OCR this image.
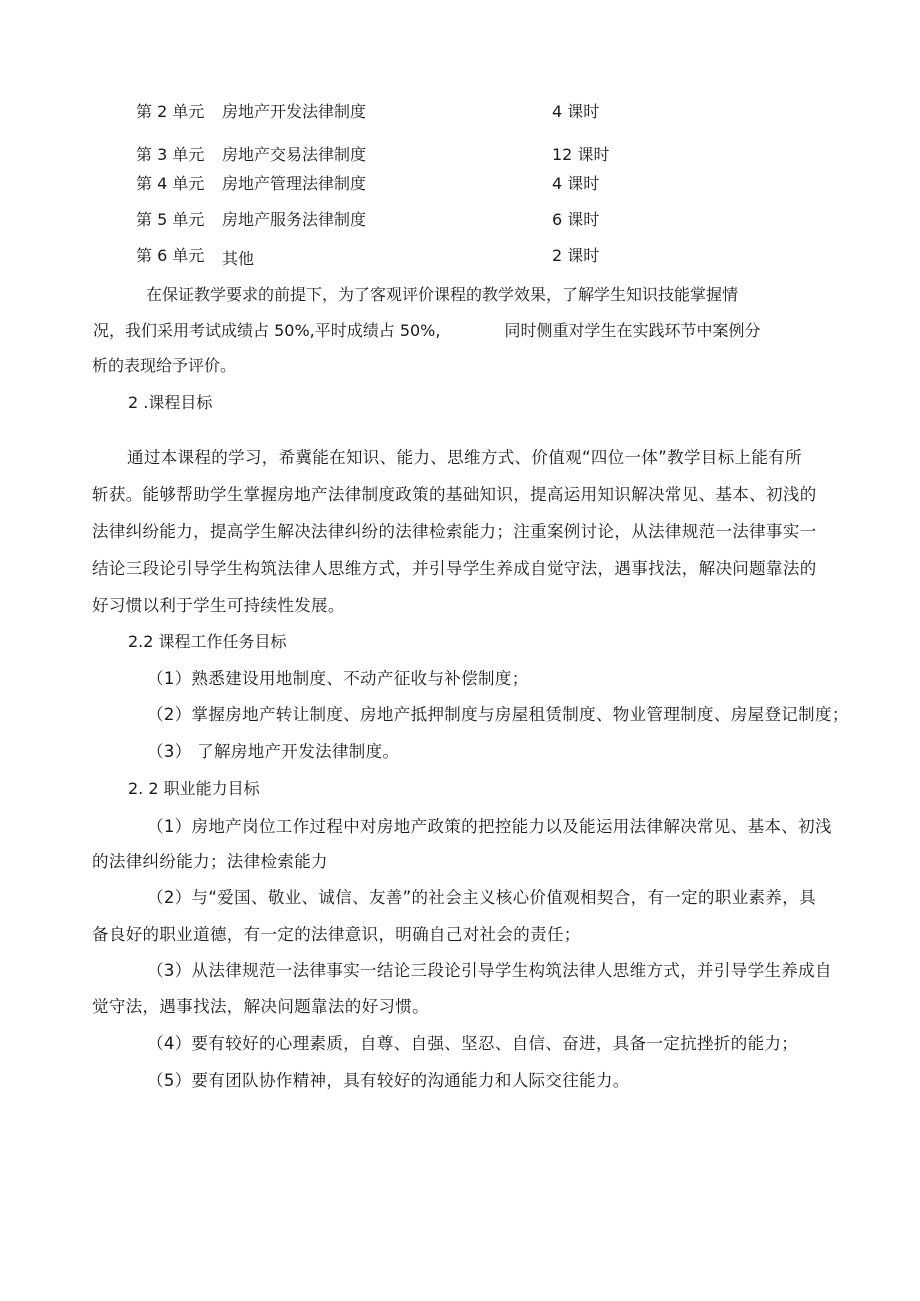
第 2 单元 房地产开发法律制度	4 课时
第 3 单元 房地产交易法律制度	12 课时
第 4 单元 房地产管理法律制度	4 课时
第 5 单元 房地产服务法律制度	6 课时
第 6 单元 其他	2 课时
在保证教学要求的前提下，为了客观评价课程的教学效果，了解学生知识技能掌握情
况，我们采用考试成绩占 50%,平时成绩占 50%,	同时侧重对学生在实践环节中案例分
析的表现给予评价。
2 .课程目标
通过本课程的学习，希冀能在知识、能力、思维方式、价值观“四位一体”教学目标上能有所
斩获。能够帮助学生掌握房地产法律制度政策的基础知识，提高运用知识解决常见、基本、初浅的
法律纠纷能力，提高学生解决法律纠纷的法律检索能力；注重案例讨论，从法律规范一法律事实一
结论三段论引导学生构筑法律人思维方式，并引导学生养成自觉守法，遇事找法，解决问题靠法的
好习惯以利于学生可持续性发展。
2.2 课程工作任务目标
（1）熟悉建设用地制度、不动产征收与补偿制度；
（2）掌握房地产转让制度、房地产抵押制度与房屋租赁制度、物业管理制度、房屋登记制度；
（3） 了解房地产开发法律制度。
2. 2 职业能力目标
（1）房地产岗位工作过程中对房地产政策的把控能力以及能运用法律解决常见、基本、初浅
的法律纠纷能力；法律检索能力
（2）与“爱国、敬业、诚信、友善”的社会主义核心价值观相契合，有一定的职业素养，具
备良好的职业道德，有一定的法律意识，明确自己对社会的责任；
（3）从法律规范一法律事实一结论三段论引导学生构筑法律人思维方式，并引导学生养成自
觉守法，遇事找法，解决问题靠法的好习惯。
（4）要有较好的心理素质，自尊、自强、坚忍、自信、奋进，具备一定抗挫折的能力；
（5）要有团队协作精神，具有较好的沟通能力和人际交往能力。
